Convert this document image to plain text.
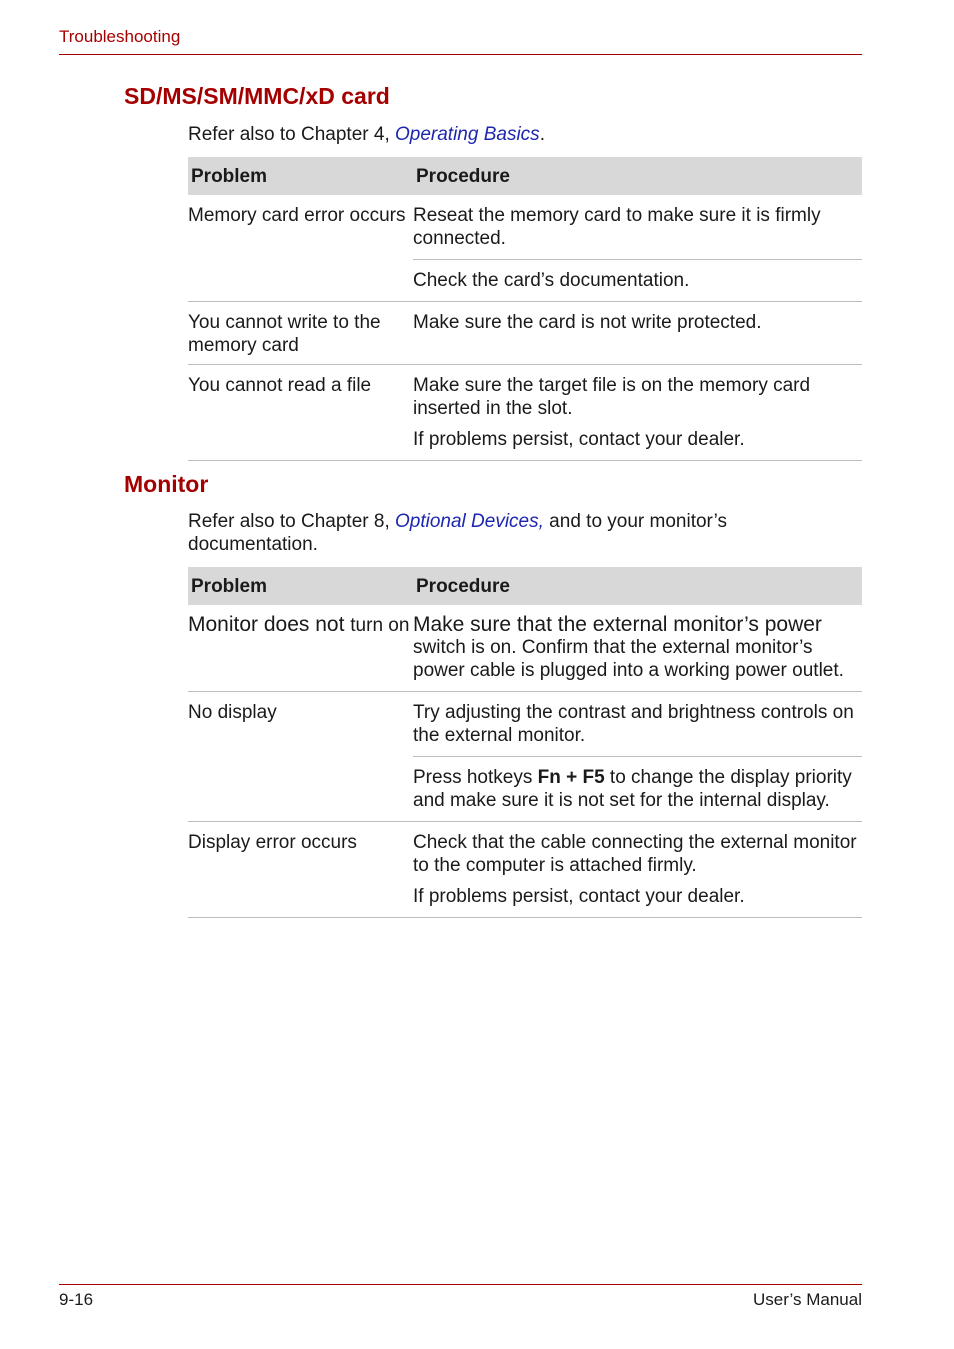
Troubleshooting
SD/MS/SM/MMC/xD card
Refer also to Chapter 4, Operating Basics.
Problem	Procedure
Memory card error occurs	Reseat the memory card to make sure it is firmly connected.
	Check the card’s documentation.
You cannot write to the memory card	Make sure the card is not write protected.
You cannot read a file	Make sure the target file is on the memory card inserted in the slot.
If problems persist, contact your dealer.
Monitor
Refer also to Chapter 8, Optional Devices, and to your monitor’s documentation.
Problem	Procedure
Monitor does not turn on	Make sure that the external monitor’s power
switch is on. Confirm that the external monitor’s power cable is plugged into a working power outlet.
No display	Try adjusting the contrast and brightness controls on the external monitor.
	Press hotkeys Fn + F5 to change the display priority and make sure it is not set for the internal display.
Display error occurs	Check that the cable connecting the external monitor to the computer is attached firmly.
If problems persist, contact your dealer.
9-16	User’s Manual
